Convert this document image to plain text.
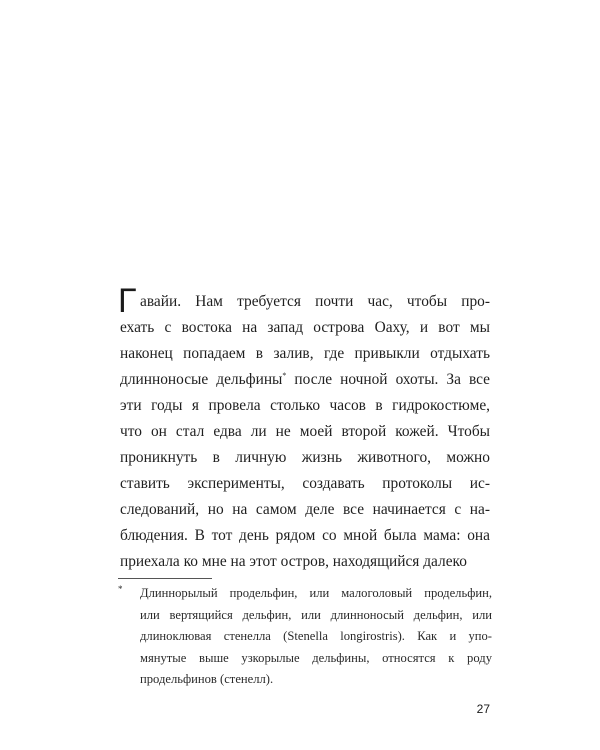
Г авайи. Нам требуется почти час, чтобы про-
ехать с востока на запад острова Оаху, и вот мы
наконец попадаем в залив, где привыкли отдыхать
длинноносые дельфины* после ночной охоты. За все
эти годы я провела столько часов в гидрокостюме,
что он стал едва ли не моей второй кожей. Чтобы
проникнуть в личную жизнь животного, можно
ставить эксперименты, создавать протоколы ис-
следований, но на самом деле все начинается с на-
блюдения. В тот день рядом со мной была мама: она
приехала ко мне на этот остров, находящийся далеко
*	Длиннорылый продельфин, или малоголовый продельфин,
или вертящийся дельфин, или длинноносый дельфин, или
длиноклювая стенелла (Stenella longirostris). Как и упо-
мянутые выше узкорылые дельфины, относятся к роду
продельфинов (стенелл).
27
